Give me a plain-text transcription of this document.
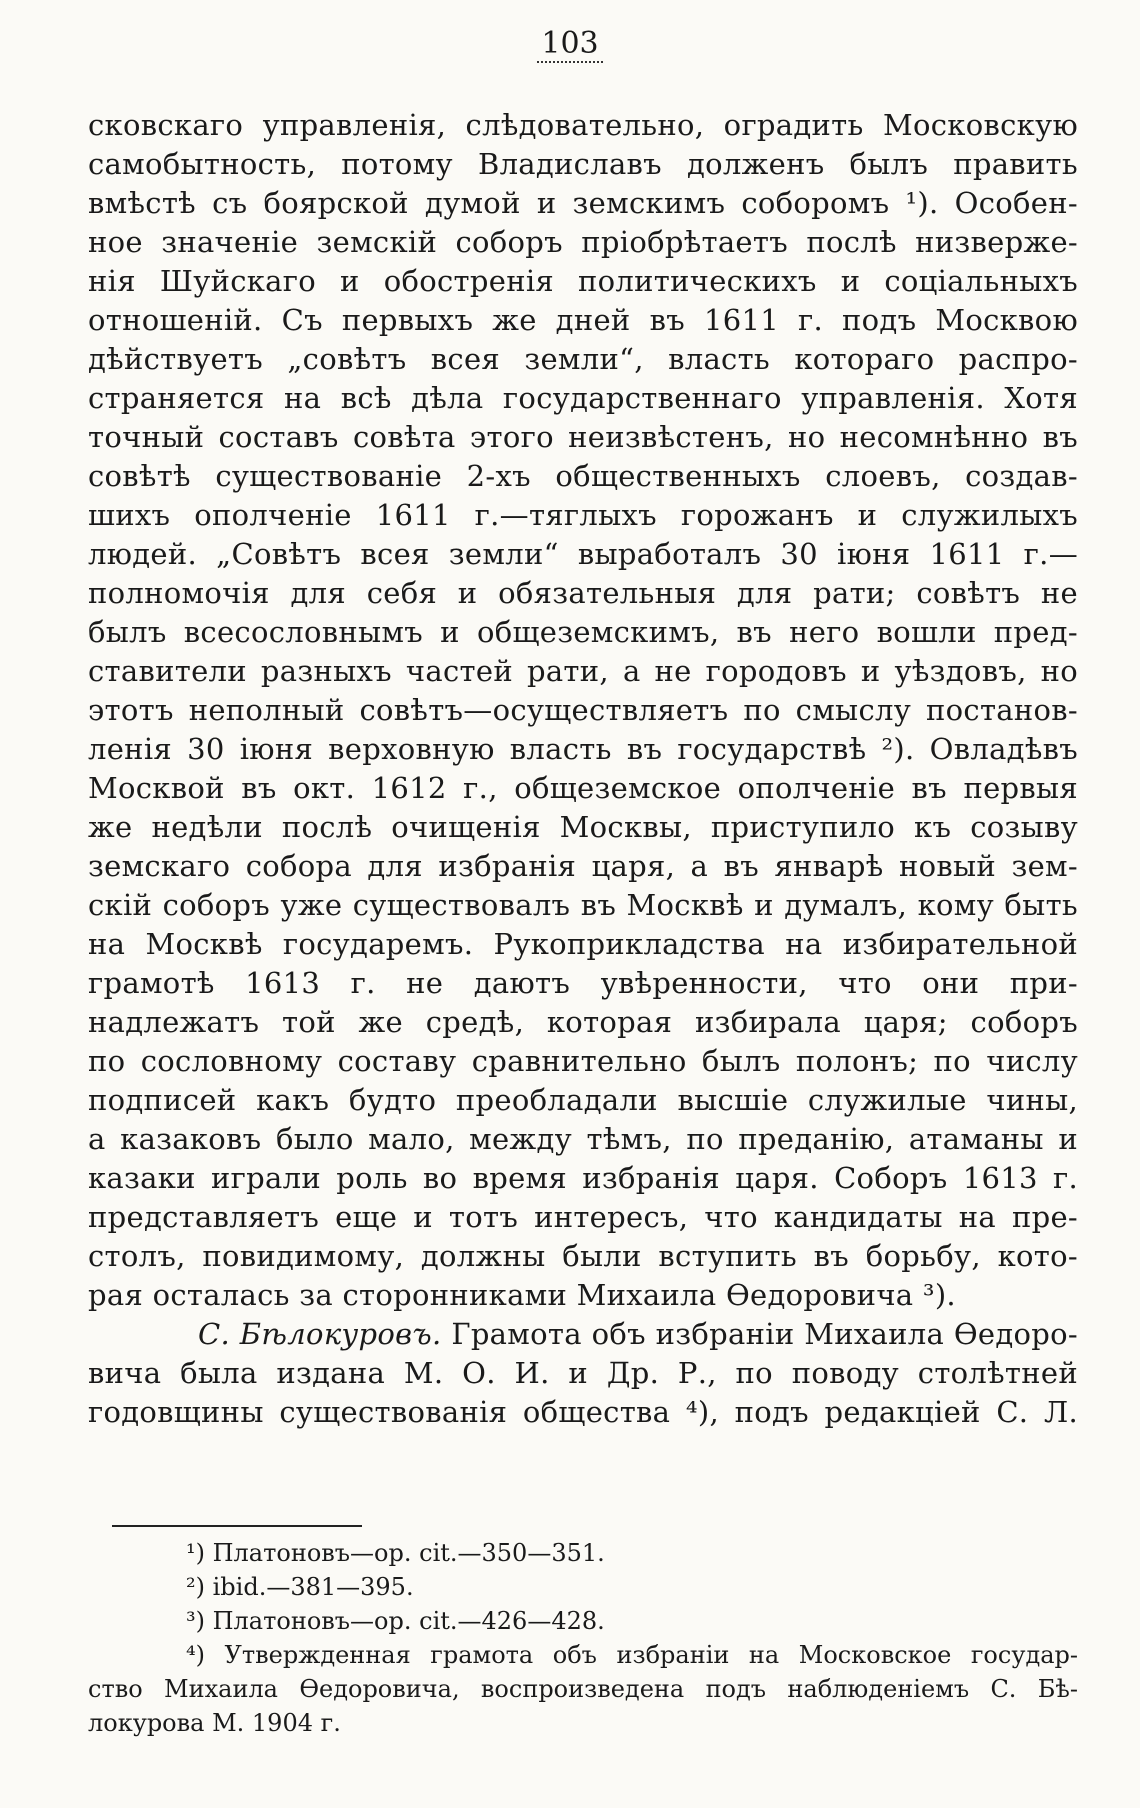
103
сковскаго управленія, слѣдовательно, оградить Московскую
самобытность, потому Владиславъ долженъ былъ править
вмѣстѣ съ боярской думой и земскимъ соборомъ ¹). Особен-
ное значеніе земскій соборъ пріобрѣтаетъ послѣ низверже-
нія Шуйскаго и обостренія политическихъ и соціальныхъ
отношеній. Съ первыхъ же дней въ 1611 г. подъ Москвою
дѣйствуетъ „совѣтъ всея земли“, власть котораго распро-
страняется на всѣ дѣла государственнаго управленія. Хотя
точный составъ совѣта этого неизвѣстенъ, но несомнѣнно въ
совѣтѣ существованіе 2-хъ общественныхъ слоевъ, создав-
шихъ ополченіе 1611 г.—тяглыхъ горожанъ и служилыхъ
людей. „Совѣтъ всея земли“ выработалъ 30 іюня 1611 г.—
полномочія для себя и обязательныя для рати; совѣтъ не
былъ всесословнымъ и общеземскимъ, въ него вошли пред-
ставители разныхъ частей рати, а не городовъ и уѣздовъ, но
этотъ неполный совѣтъ—осуществляетъ по смыслу постанов-
ленія 30 іюня верховную власть въ государствѣ ²). Овладѣвъ
Москвой въ окт. 1612 г., общеземское ополченіе въ первыя
же недѣли послѣ очищенія Москвы, приступило къ созыву
земскаго собора для избранія царя, а въ январѣ новый зем-
скій соборъ уже существовалъ въ Москвѣ и думалъ, кому быть
на Москвѣ государемъ. Рукоприкладства на избирательной
грамотѣ 1613 г. не даютъ увѣренности, что они при-
надлежатъ той же средѣ, которая избирала царя; соборъ
по сословному составу сравнительно былъ полонъ; по числу
подписей какъ будто преобладали высшіе служилые чины,
а казаковъ было мало, между тѣмъ, по преданію, атаманы и
казаки играли роль во время избранія царя. Соборъ 1613 г.
представляетъ еще и тотъ интересъ, что кандидаты на пре-
столъ, повидимому, должны были вступить въ борьбу, кото-
рая осталась за сторонниками Михаила Ѳедоровича ³).
С. Бѣлокуровъ. Грамота объ избраніи Михаила Ѳедоро-
вича была издана М. О. И. и Др. Р., по поводу столѣтней
годовщины существованія общества ⁴), подъ редакціей С. Л.
¹) Платоновъ—op. cit.—350—351.
²) ibid.—381—395.
³) Платоновъ—op. cit.—426—428.
⁴) Утвержденная грамота объ избраніи на Московское государ-
ство Михаила Ѳедоровича, воспроизведена подъ наблюденіемъ С. Бѣ-
локурова М. 1904 г.
